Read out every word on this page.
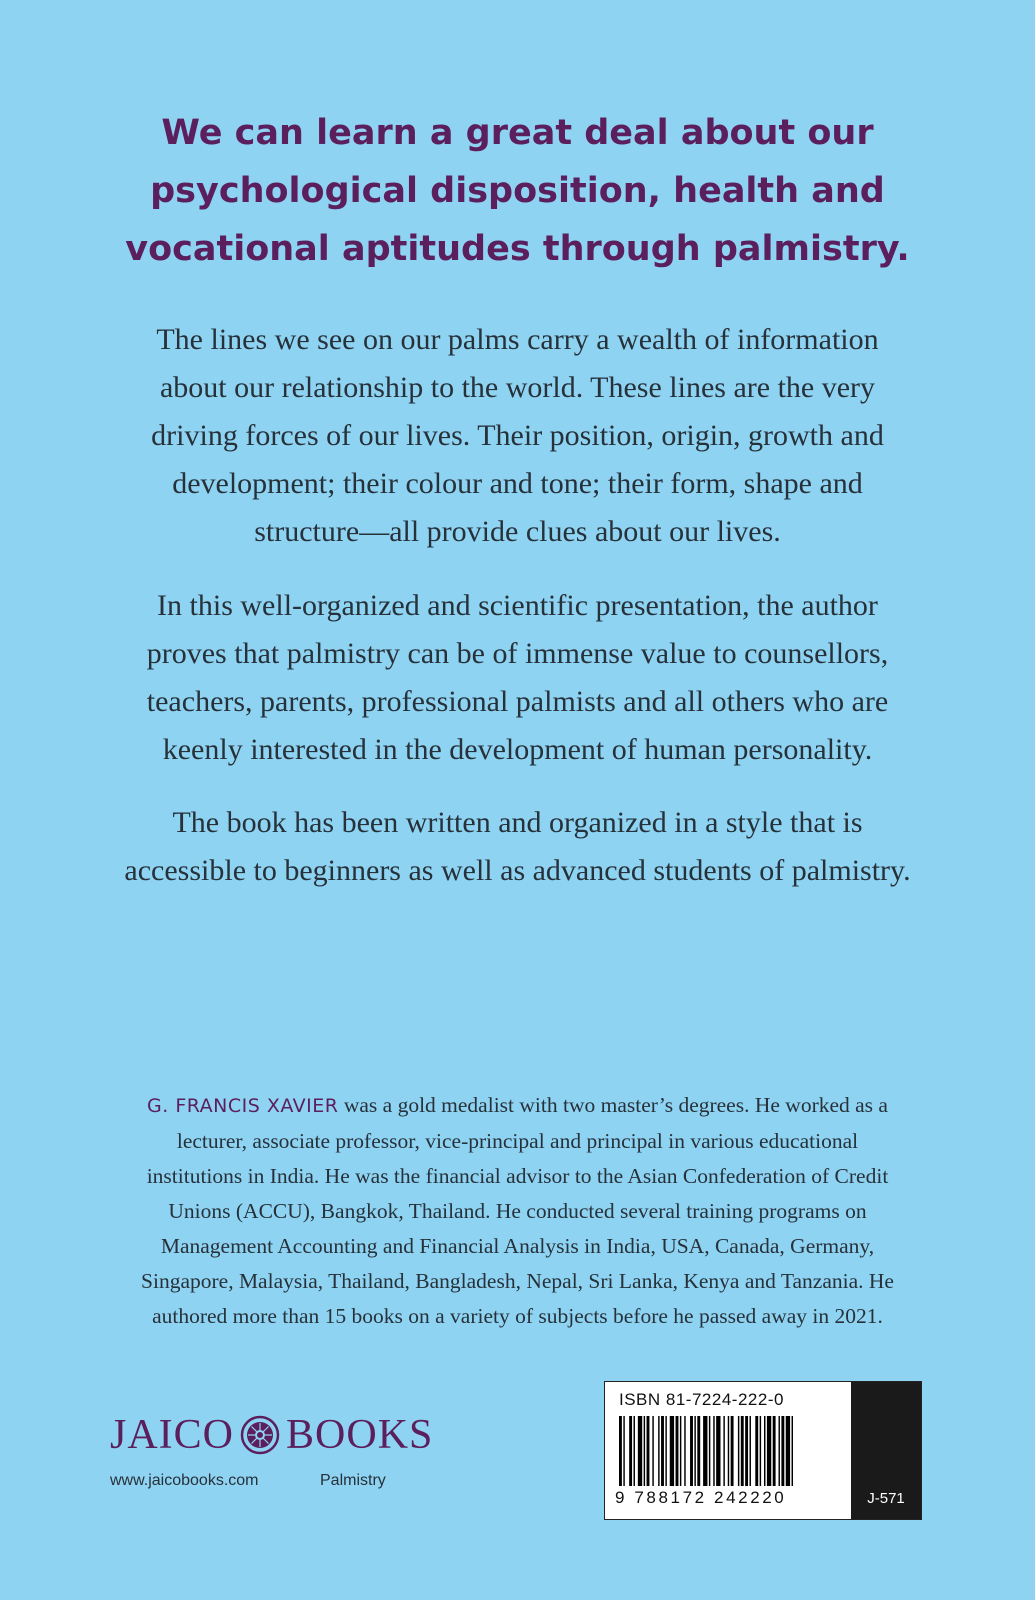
We can learn a great deal about our
psychological disposition, health and
vocational aptitudes through palmistry.
The lines we see on our palms carry a wealth of information
about our relationship to the world. These lines are the very
driving forces of our lives. Their position, origin, growth and
development; their colour and tone; their form, shape and
structure—all provide clues about our lives.
In this well-organized and scientific presentation, the author
proves that palmistry can be of immense value to counsellors,
teachers, parents, professional palmists and all others who are
keenly interested in the development of human personality.
The book has been written and organized in a style that is
accessible to beginners as well as advanced students of palmistry.
G. FRANCIS XAVIER was a gold medalist with two master’s degrees. He worked as a
lecturer, associate professor, vice-principal and principal in various educational
institutions in India. He was the financial advisor to the Asian Confederation of Credit
Unions (ACCU), Bangkok, Thailand. He conducted several training programs on
Management Accounting and Financial Analysis in India, USA, Canada, Germany,
Singapore, Malaysia, Thailand, Bangladesh, Nepal, Sri Lanka, Kenya and Tanzania. He
authored more than 15 books on a variety of subjects before he passed away in 2021.
JAICO BOOKS
www.jaicobooks.com	Palmistry
ISBN 81-7224-222-0
9 788172 242220	J-571
